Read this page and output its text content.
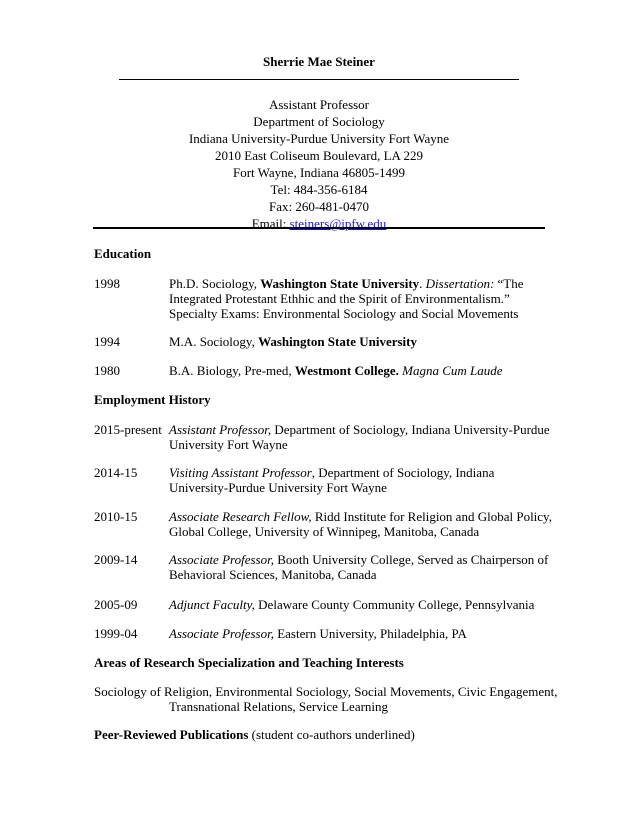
Sherrie Mae Steiner
Assistant Professor
Department of Sociology
Indiana University-Purdue University Fort Wayne
2010 East Coliseum Boulevard, LA 229
Fort Wayne, Indiana 46805-1499
Tel: 484-356-6184
Fax: 260-481-0470
Email: steiners@ipfw.edu
Education
1998	Ph.D. Sociology, Washington State University. Dissertation: “The
Integrated Protestant Ethhic and the Spirit of Environmentalism.”
Specialty Exams: Environmental Sociology and Social Movements
1994	M.A. Sociology, Washington State University
1980	B.A. Biology, Pre-med, Westmont College. Magna Cum Laude
Employment History
2015-present Assistant Professor, Department of Sociology, Indiana University-Purdue
University Fort Wayne
2014-15	Visiting Assistant Professor, Department of Sociology, Indiana
University-Purdue University Fort Wayne
2010-15	Associate Research Fellow, Ridd Institute for Religion and Global Policy,
Global College, University of Winnipeg, Manitoba, Canada
2009-14	Associate Professor, Booth University College, Served as Chairperson of
Behavioral Sciences, Manitoba, Canada
2005-09	Adjunct Faculty, Delaware County Community College, Pennsylvania
1999-04	Associate Professor, Eastern University, Philadelphia, PA
Areas of Research Specialization and Teaching Interests
Sociology of Religion, Environmental Sociology, Social Movements, Civic Engagement,
Transnational Relations, Service Learning
Peer-Reviewed Publications (student co-authors underlined)
